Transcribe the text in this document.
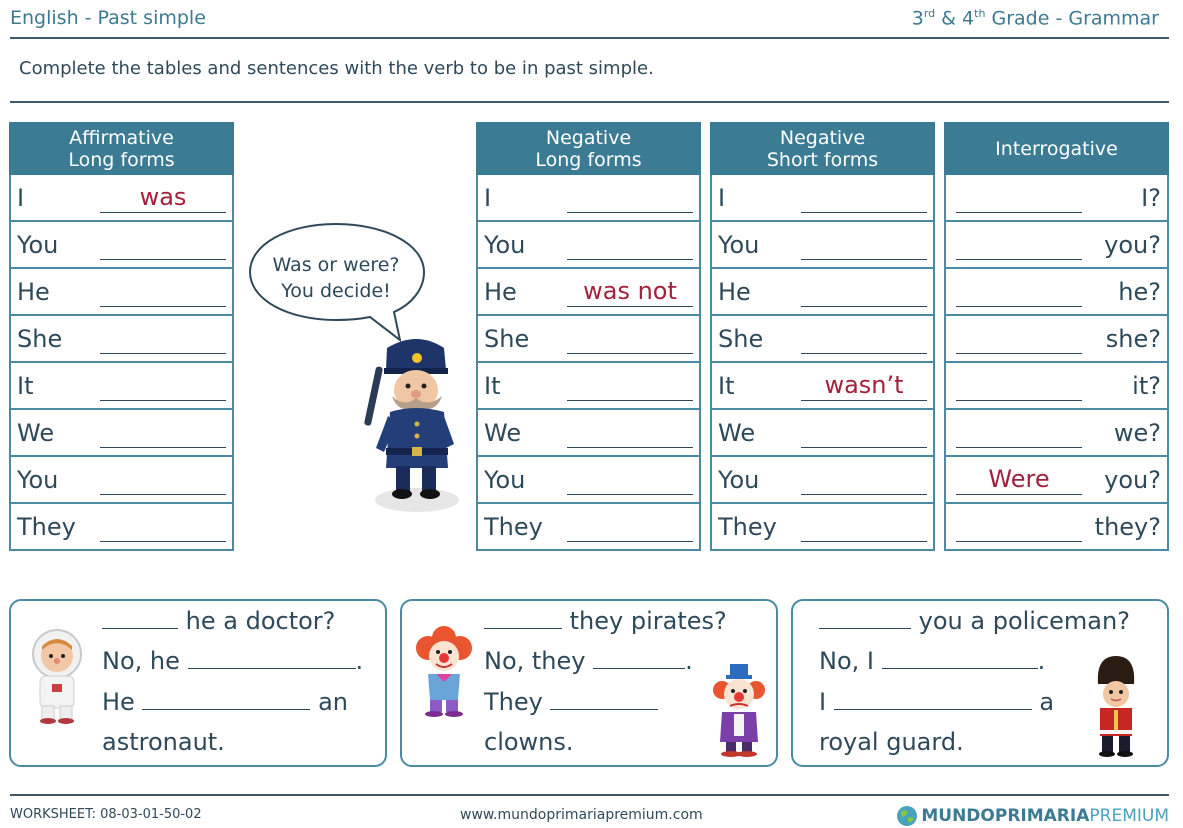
English - Past simple	3rd & 4th Grade - Grammar
Complete the tables and sentences with the verb to be in past simple.
Affirmative
Long forms

I	was

You

He

She

It

We

You

They
Negative
Long forms

I

You

He	was not

She

It

We

You

They
Negative
Short forms

I

You

He

She

It	wasn’t

We

You

They
Interrogative

I?

you?

he?

she?

it?

we?

Were	you?

they?
Was or were?
You decide!
he a doctor?
No, he	.
He	an
astronaut.
they pirates?
No, they	.
They
clowns.
you a policeman?
No, I	.
I	a
royal guard.
WORKSHEET: 08-03-01-50-02	www.mundoprimariapremium.com	MUNDOPRIMARIA PREMIUM
